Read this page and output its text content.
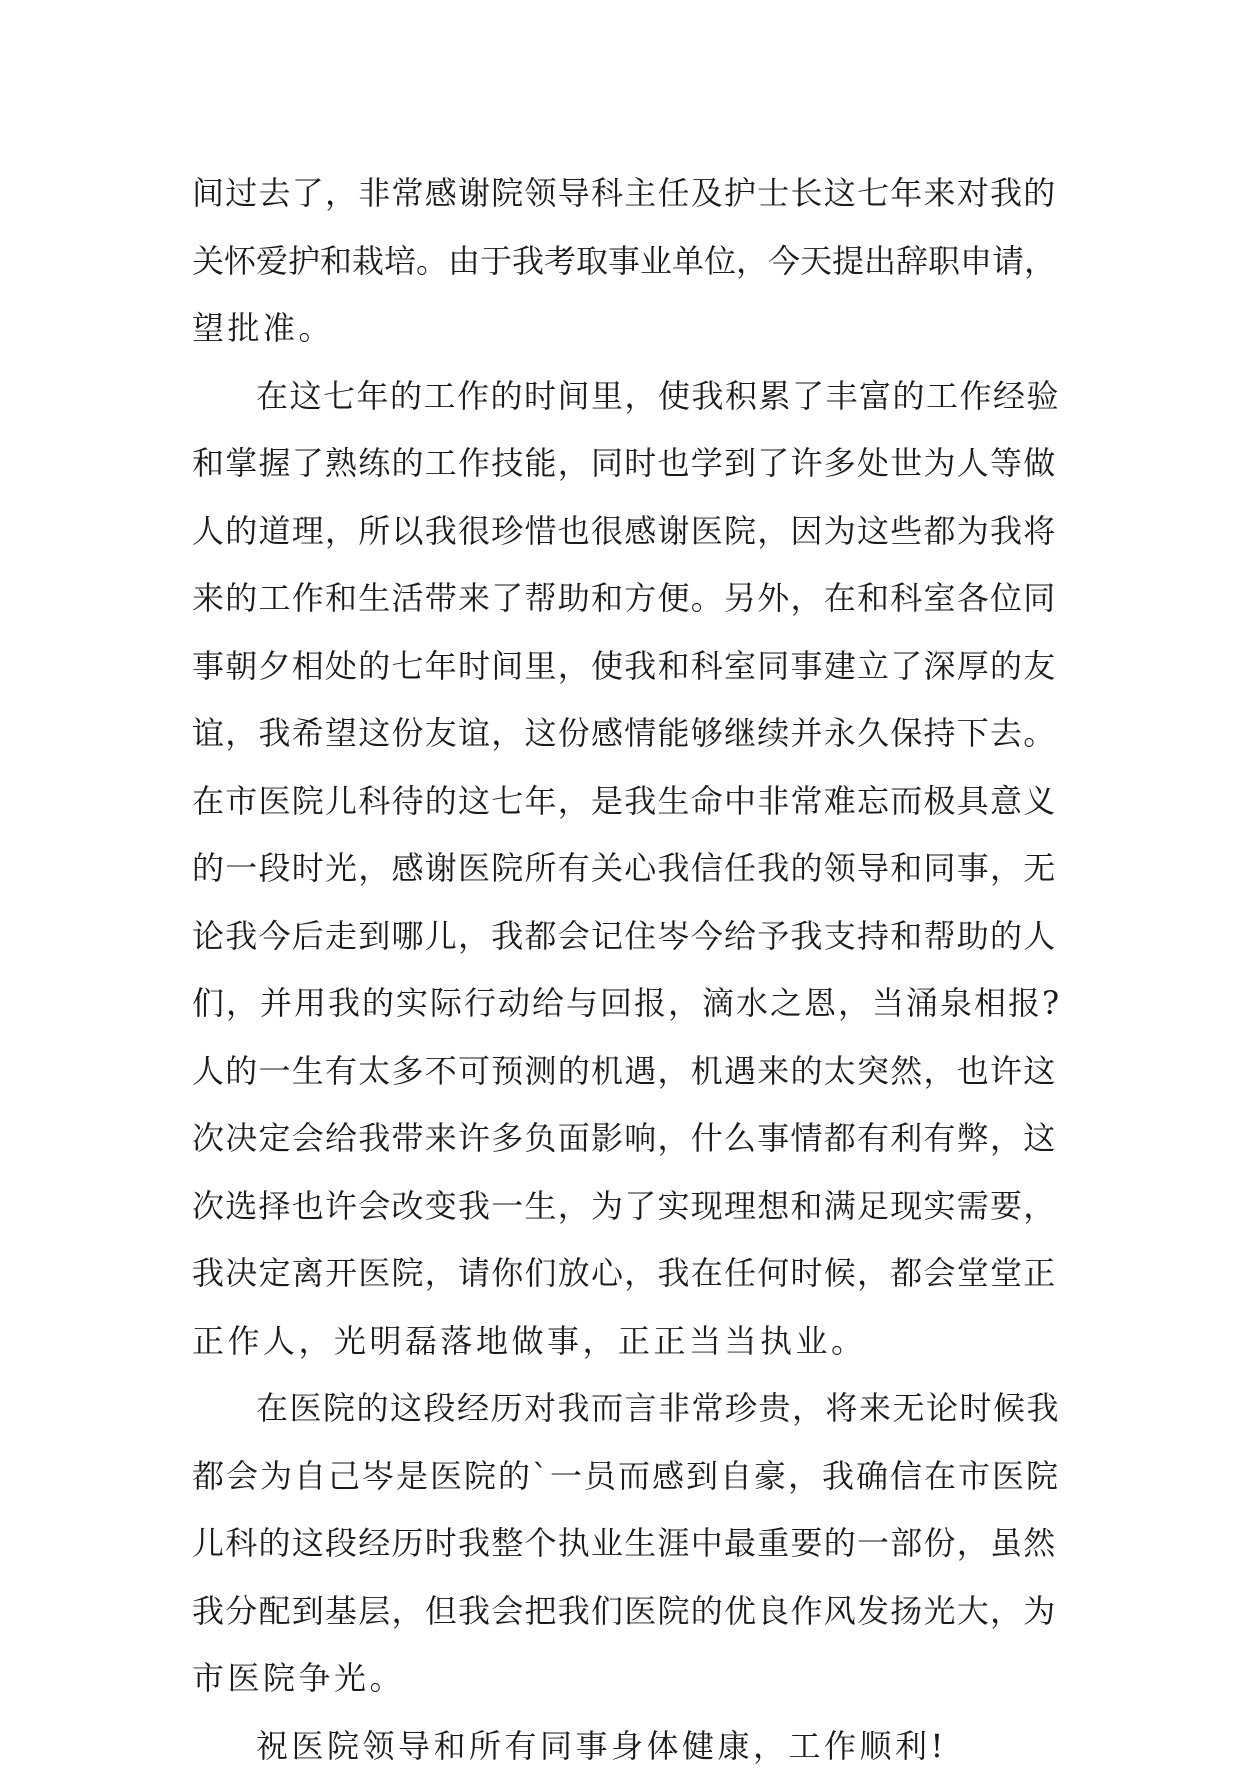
间过去了，非常感谢院领导科主任及护士长这七年来对我的
关怀爱护和栽培。由于我考取事业单位，今天提出辞职申请，
望批准。
在这七年的工作的时间里，使我积累了丰富的工作经验
和掌握了熟练的工作技能，同时也学到了许多处世为人等做
人的道理，所以我很珍惜也很感谢医院，因为这些都为我将
来的工作和生活带来了帮助和方便。另外，在和科室各位同
事朝夕相处的七年时间里，使我和科室同事建立了深厚的友
谊，我希望这份友谊，这份感情能够继续并永久保持下去。
在市医院儿科待的这七年，是我生命中非常难忘而极具意义
的一段时光，感谢医院所有关心我信任我的领导和同事，无
论我今后走到哪儿，我都会记住岑今给予我支持和帮助的人
们，并用我的实际行动给与回报，滴水之恩，当涌泉相报?
人的一生有太多不可预测的机遇，机遇来的太突然，也许这
次决定会给我带来许多负面影响，什么事情都有利有弊，这
次选择也许会改变我一生，为了实现理想和满足现实需要，
我决定离开医院，请你们放心，我在任何时候，都会堂堂正
正作人，光明磊落地做事，正正当当执业。
在医院的这段经历对我而言非常珍贵，将来无论时候我
都会为自己岑是医院的`一员而感到自豪，我确信在市医院
儿科的这段经历时我整个执业生涯中最重要的一部份，虽然
我分配到基层，但我会把我们医院的优良作风发扬光大，为
市医院争光。
祝医院领导和所有同事身体健康，工作顺利!
